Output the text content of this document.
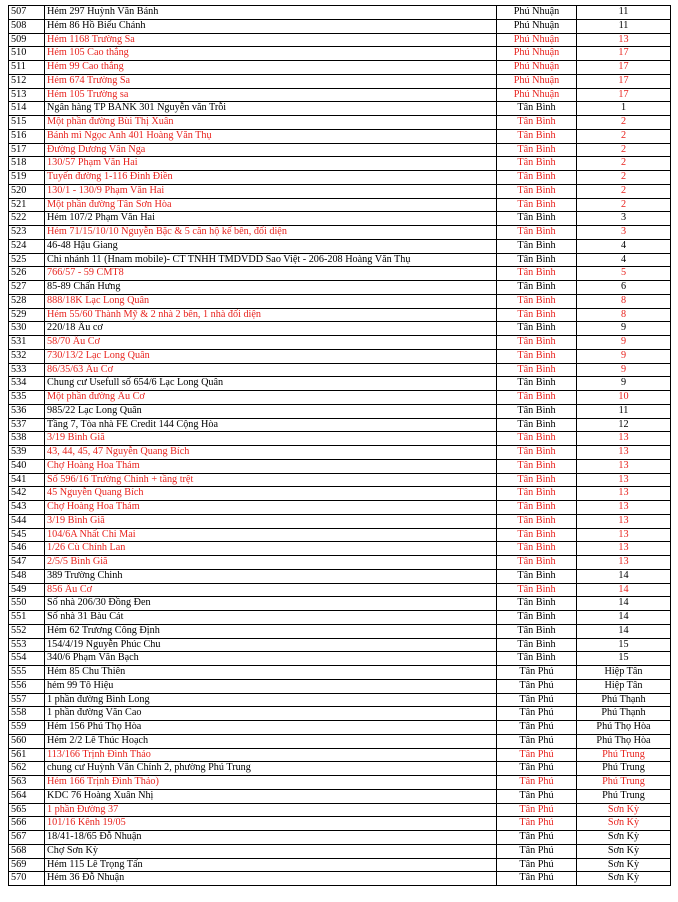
507	Hẻm 297 Huỳnh Văn Bánh	Phú Nhuận	11
508	Hẻm 86 Hồ Biểu Chánh	Phú Nhuận	11
509	Hẻm 1168 Trường Sa	Phú Nhuận	13
510	Hẻm 105 Cao thắng	Phú Nhuận	17
511	Hẻm 99 Cao thắng	Phú Nhuận	17
512	Hẻm 674 Trường Sa	Phú Nhuận	17
513	Hẻm 105 Trường sa	Phú Nhuận	17
514	Ngân hàng TP BANK 301 Nguyễn văn Trỗi	Tân Bình	1
515	Một phần đường Bùi Thị Xuân	Tân Bình	2
516	Bánh mì Ngọc Anh 401 Hoàng Văn Thụ	Tân Bình	2
517	Đường Dương Vân Nga	Tân Bình	2
518	130/57 Phạm Văn Hai	Tân Bình	2
519	Tuyến đường 1-116 Đinh Điền	Tân Bình	2
520	130/1 - 130/9 Phạm Văn Hai	Tân Bình	2
521	Một phần đường Tân Sơn Hòa	Tân Bình	2
522	Hẻm 107/2 Phạm Văn Hai	Tân Bình	3
523	Hẻm 71/15/10/10 Nguyễn Bặc & 5 căn hộ kế bên, đối diện	Tân Bình	3
524	46-48 Hậu Giang	Tân Bình	4
525	Chi nhánh 11 (Hnam mobile)- CT TNHH TMDVDD Sao Việt - 206-208 Hoàng Văn Thụ	Tân Bình	4
526	766/57 - 59 CMT8	Tân Bình	5
527	85-89 Chấn Hưng	Tân Bình	6
528	888/18K Lạc Long Quân	Tân Bình	8
529	Hẻm 55/60 Thành Mỹ & 2 nhà 2 bên, 1 nhà đối diện	Tân Bình	8
530	220/18 Âu cơ	Tân Bình	9
531	58/70 Âu Cơ	Tân Bình	9
532	730/13/2 Lạc Long Quân	Tân Bình	9
533	86/35/63 Âu Cơ	Tân Bình	9
534	Chung cư Usefull số 654/6 Lạc Long Quân	Tân Bình	9
535	Một phần đường Âu Cơ	Tân Bình	10
536	985/22 Lạc Long Quân	Tân Bình	11
537	Tầng 7, Tòa nhà FE Credit 144 Cộng Hòa	Tân Bình	12
538	3/19 Bình Giã	Tân Bình	13
539	43, 44, 45, 47 Nguyễn Quang Bích	Tân Bình	13
540	Chợ Hoàng Hoa Thám	Tân Bình	13
541	Số 596/16 Trường Chinh + tầng trệt	Tân Bình	13
542	45 Nguyễn Quang Bích	Tân Bình	13
543	Chợ Hoàng Hoa Thám	Tân Bình	13
544	3/19 Bình Giã	Tân Bình	13
545	104/6A Nhất Chi Mai	Tân Bình	13
546	1/26 Cù Chính Lan	Tân Bình	13
547	2/5/5 Bình Giã	Tân Bình	13
548	389 Trường Chinh	Tân Bình	14
549	856 Âu Cơ	Tân Bình	14
550	Số nhà 206/30 Đồng Đen	Tân Bình	14
551	Số nhà 31 Bàu Cát	Tân Bình	14
552	Hẻm 62 Trương Công Định	Tân Bình	14
553	154/4/19 Nguyễn Phúc Chu	Tân Bình	15
554	340/6 Phạm Văn Bạch	Tân Bình	15
555	Hẻm 85 Chu Thiên	Tân Phú	Hiệp Tân
556	hẻm 99 Tô Hiệu	Tân Phú	Hiệp Tân
557	1 phần đường Bình Long	Tân Phú	Phú Thạnh
558	1 phần đường Văn Cao	Tân Phú	Phú Thạnh
559	Hẻm 156 Phú Thọ Hòa	Tân Phú	Phú Thọ Hòa
560	Hẻm 2/2 Lê Thúc Hoạch	Tân Phú	Phú Thọ Hòa
561	113/166 Trịnh Đình Thảo	Tân Phú	Phú Trung
562	chung cư Huỳnh Văn Chính 2, phường Phú Trung	Tân Phú	Phú Trung
563	Hẻm 166 Trịnh Đình Thảo)	Tân Phú	Phú Trung
564	KDC 76 Hoàng Xuân Nhị	Tân Phú	Phú Trung
565	1 phần Đường 37	Tân Phú	Sơn Kỳ
566	101/16 Kênh 19/05	Tân Phú	Sơn Kỳ
567	18/41-18/65 Đỗ Nhuận	Tân Phú	Sơn Kỳ
568	Chợ Sơn Kỳ	Tân Phú	Sơn Kỳ
569	Hẻm 115 Lê Trọng Tấn	Tân Phú	Sơn Kỳ
570	Hẻm 36 Đỗ Nhuận	Tân Phú	Sơn Kỳ
